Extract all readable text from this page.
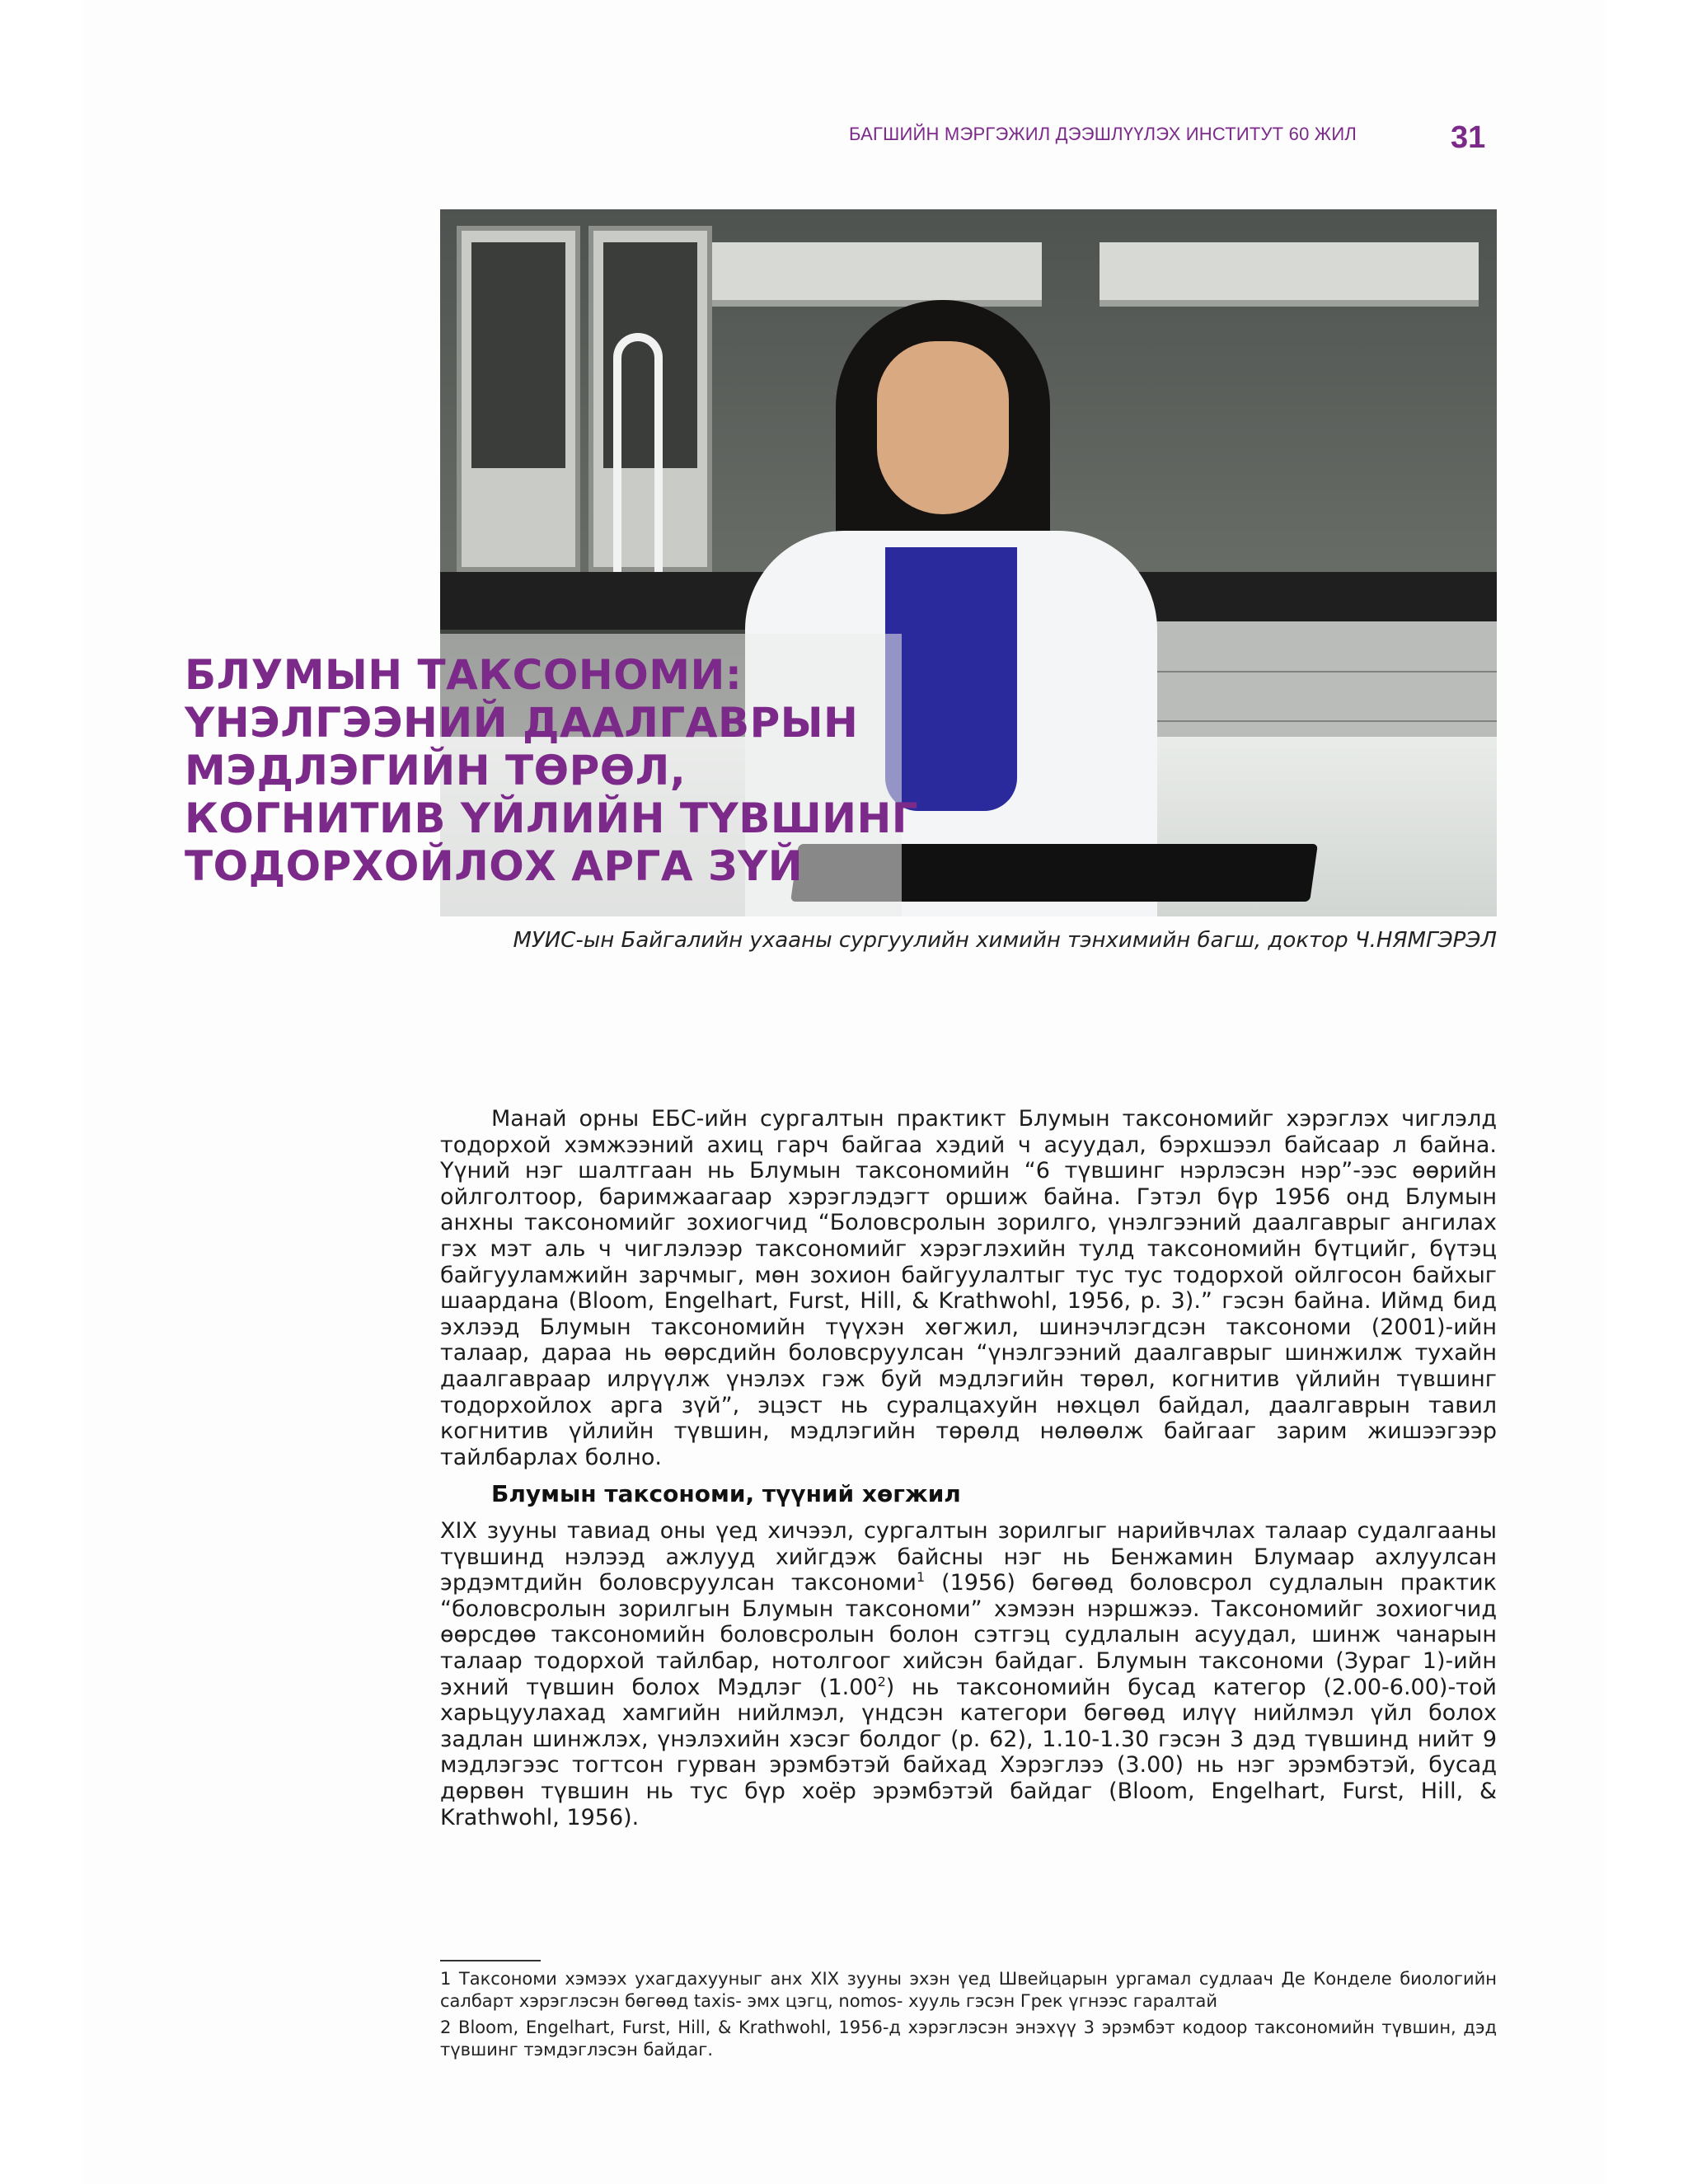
БАГШИЙН МЭРГЭЖИЛ ДЭЭШЛҮҮЛЭХ ИНСТИТУТ 60 ЖИЛ	31
БЛУМЫН ТАКСОНОМИ:
ҮНЭЛГЭЭНИЙ ДААЛГАВРЫН
МЭДЛЭГИЙН ТӨРӨЛ,
КОГНИТИВ ҮЙЛИЙН ТҮВШИНГ
ТОДОРХОЙЛОХ АРГА ЗҮЙ
МУИС-ын Байгалийн ухааны сургуулийн химийн тэнхимийн багш, доктор Ч.НЯМГЭРЭЛ

Манай орны ЕБС-ийн сургалтын практикт Блумын таксономийг хэрэглэх чиглэлд тодорхой хэмжээний ахиц гарч байгаа хэдий ч асуудал, бэрхшээл байсаар л байна. Үүний нэг шалтгаан нь Блумын таксономийн “6 түвшинг нэрлэсэн нэр”-ээс өөрийн ойлголтоор, баримжаагаар хэрэглэдэгт оршиж байна. Гэтэл бүр 1956 онд Блумын анхны таксономийг зохиогчид “Боловсролын зорилго, үнэлгээний даалгаврыг ангилах гэх мэт аль ч чиглэлээр таксономийг хэрэглэхийн тулд таксономийн бүтцийг, бүтэц байгууламжийн зарчмыг, мөн зохион байгуулалтыг тус тус тодорхой ойлгосон байхыг шаардана (Bloom, Engelhart, Furst, Hill, & Krathwohl, 1956, p. 3).” гэсэн байна. Иймд бид эхлээд Блумын таксономийн түүхэн хөгжил, шинэчлэгдсэн таксономи (2001)-ийн талаар, дараа нь өөрсдийн боловсруулсан “үнэлгээний даалгаврыг шинжилж тухайн даалгавраар илрүүлж үнэлэх гэж буй мэдлэгийн төрөл, когнитив үйлийн түвшинг тодорхойлох арга зүй”, эцэст нь суралцахуйн нөхцөл байдал, даалгаврын тавил когнитив үйлийн түвшин, мэдлэгийн төрөлд нөлөөлж байгааг зарим жишээгээр тайлбарлах болно.

Блумын таксономи, түүний хөгжил

XIX зууны тавиад оны үед хичээл, сургалтын зорилгыг нарийвчлах талаар судалгааны түвшинд нэлээд ажлууд хийгдэж байсны нэг нь Бенжамин Блумаар ахлуулсан эрдэмтдийн боловсруулсан таксономи$^1$ (1956) бөгөөд боловсрол судлалын практик “боловсролын зорилгын Блумын таксономи” хэмээн нэршжээ. Таксономийг зохиогчид өөрсдөө таксономийн боловсролын болон сэтгэц судлалын асуудал, шинж чанарын талаар тодорхой тайлбар, нотолгоог хийсэн байдаг. Блумын таксономи (Зураг 1)-ийн эхний түвшин болох Мэдлэг (1.00$^2$) нь таксономийн бусад категор (2.00-6.00)-той харьцуулахад хамгийн нийлмэл, үндсэн категори бөгөөд илүү нийлмэл үйл болох задлан шинжлэх, үнэлэхийн хэсэг болдог (p. 62), 1.10-1.30 гэсэн 3 дэд түвшинд нийт 9 мэдлэгээс тогтсон гурван эрэмбэтэй байхад Хэрэглээ (3.00) нь нэг эрэмбэтэй, бусад дөрвөн түвшин нь тус бүр хоёр эрэмбэтэй байдаг (Bloom, Engelhart, Furst, Hill, & Krathwohl, 1956).

1 Таксономи хэмээх ухагдахууныг анх XIX зууны эхэн үед Швейцарын ургамал судлаач Де Конделе биологийн салбарт хэрэглэсэн бөгөөд taxis- эмх цэгц, nomos- хууль гэсэн Грек үгнээс гаралтай

2 Bloom, Engelhart, Furst, Hill, & Krathwohl, 1956-д хэрэглэсэн энэхүү 3 эрэмбэт кодоор таксономийн түвшин, дэд түвшинг тэмдэглэсэн байдаг.
